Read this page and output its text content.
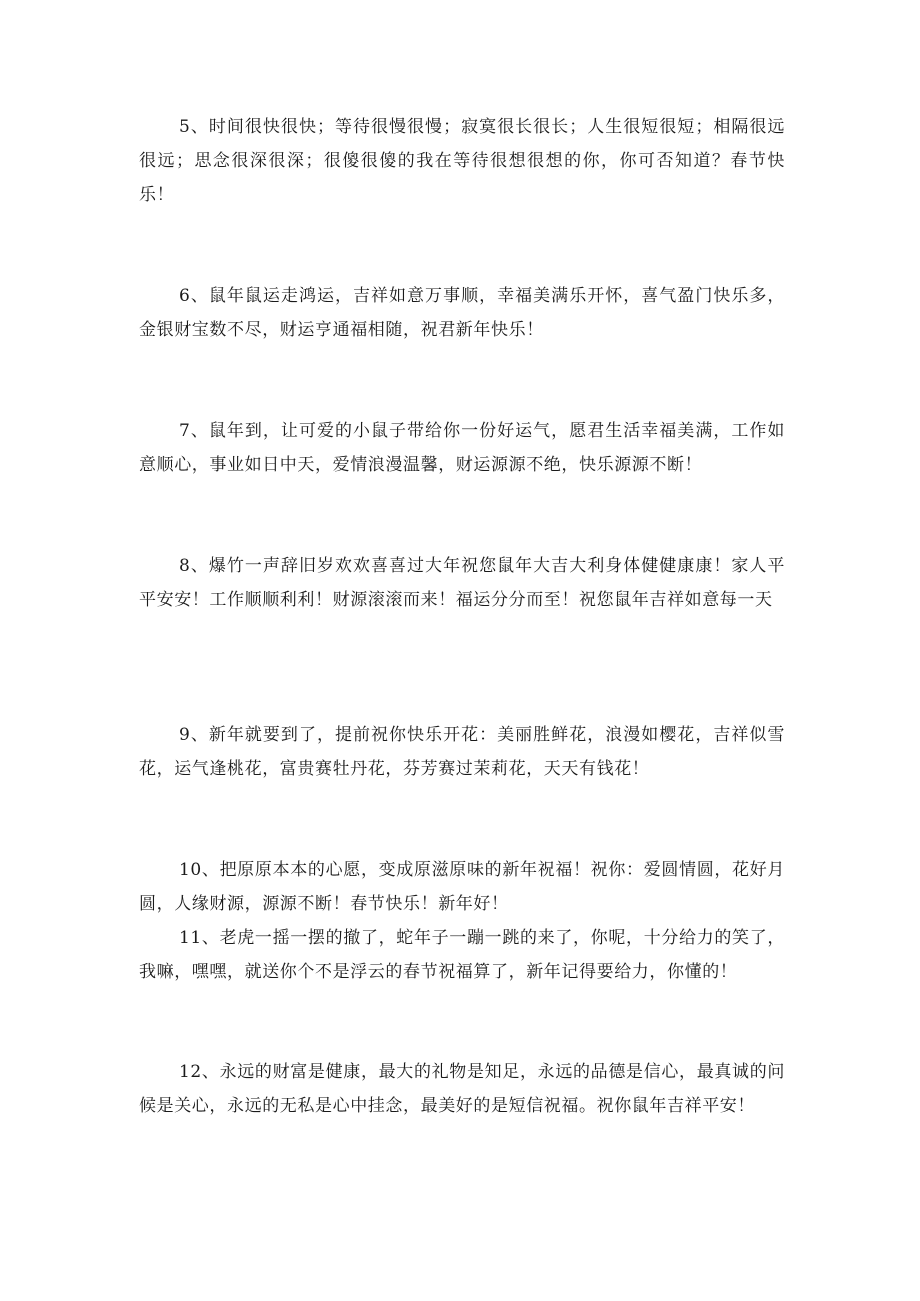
5、时间很快很快；等待很慢很慢；寂寞很长很长；人生很短很短；相隔很远很远；思念很深很深；很傻很傻的我在等待很想很想的你，你可否知道？春节快乐！

6、鼠年鼠运走鸿运，吉祥如意万事顺，幸福美满乐开怀，喜气盈门快乐多，金银财宝数不尽，财运亨通福相随，祝君新年快乐！

7、鼠年到，让可爱的小鼠子带给你一份好运气，愿君生活幸福美满，工作如意顺心，事业如日中天，爱情浪漫温馨，财运源源不绝，快乐源源不断！

8、爆竹一声辞旧岁欢欢喜喜过大年祝您鼠年大吉大利身体健健康康！家人平平安安！工作顺顺利利！财源滚滚而来！福运分分而至！祝您鼠年吉祥如意每一天

9、新年就要到了，提前祝你快乐开花：美丽胜鲜花，浪漫如樱花，吉祥似雪花，运气逢桃花，富贵赛牡丹花，芬芳赛过茉莉花，天天有钱花！

10、把原原本本的心愿，变成原滋原味的新年祝福！祝你：爱圆情圆，花好月圆，人缘财源，源源不断！春节快乐！新年好！

11、老虎一摇一摆的撤了，蛇年子一蹦一跳的来了，你呢，十分给力的笑了，我嘛，嘿嘿，就送你个不是浮云的春节祝福算了，新年记得要给力，你懂的！

12、永远的财富是健康，最大的礼物是知足，永远的品德是信心，最真诚的问候是关心，永远的无私是心中挂念，最美好的是短信祝福。祝你鼠年吉祥平安！
